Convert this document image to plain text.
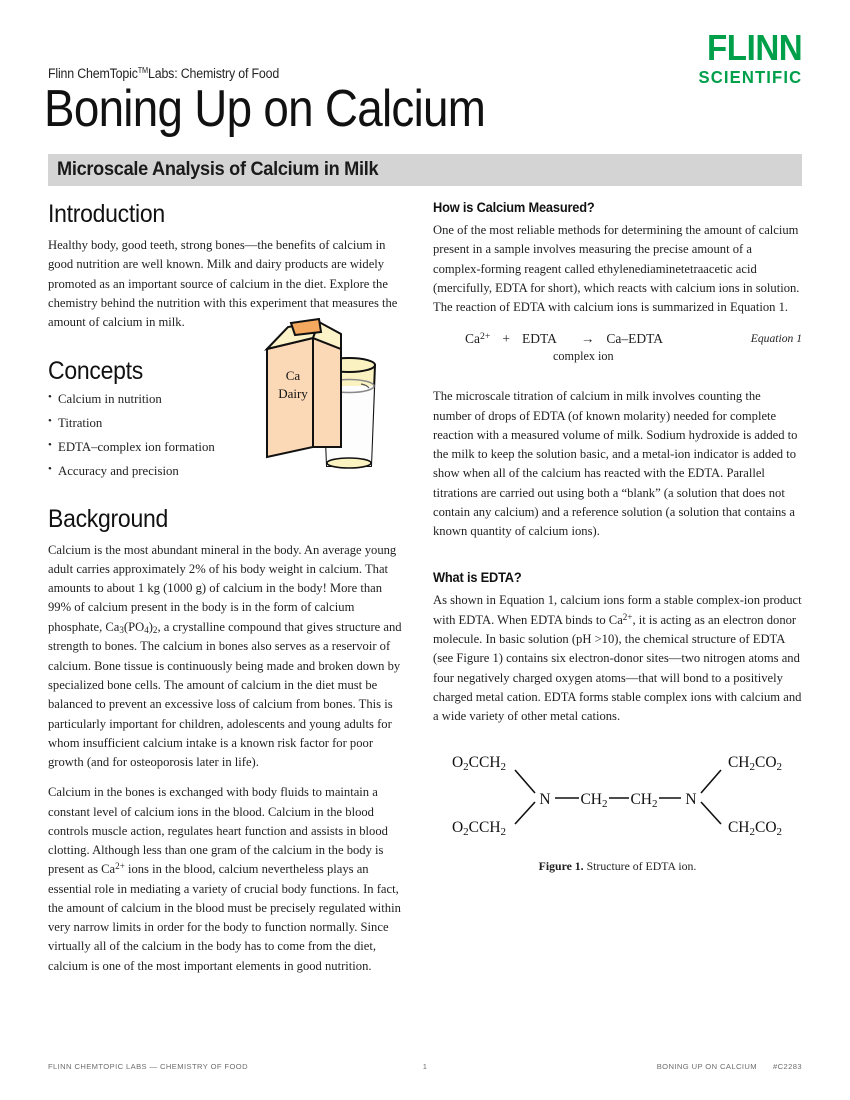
FLINN
SCIENTIFIC
Flinn ChemTopic™Labs: Chemistry of Food
Boning Up on Calcium
Microscale Analysis of Calcium in Milk
Introduction

Healthy body, good teeth, strong bones—the benefits of calcium in good nutrition are well known. Milk and dairy products are widely promoted as an important source of calcium in the diet. Explore the chemistry behind the nutrition with this experiment that measures the amount of calcium in milk.

Concepts
• Calcium in nutrition
• Titration
• EDTA–complex ion formation
• Accuracy and precision
Background

Calcium is the most abundant mineral in the body. An average young adult carries approximately 2% of his body weight in calcium. That amounts to about 1 kg (1000 g) of calcium in the body! More than 99% of calcium present in the body is in the form of calcium phosphate, $Ca_3(PO_4)_2$, a crystalline compound that gives structure and strength to bones. The calcium in bones also serves as a reservoir of calcium. Bone tissue is continuously being made and broken down by specialized bone cells. The amount of calcium in the diet must be balanced to prevent an excessive loss of calcium from bones. This is particularly important for children, adolescents and young adults for whom insufficient calcium intake is a known risk factor for poor growth (and for osteoporosis later in life).

Calcium in the bones is exchanged with body fluids to maintain a constant level of calcium ions in the blood. Calcium in the blood controls muscle action, regulates heart function and assists in blood clotting. Although less than one gram of the calcium in the body is present as $Ca^{2+}$ ions in the blood, calcium nevertheless plays an essential role in mediating a variety of crucial body functions. In fact, the amount of calcium in the blood must be precisely regulated within very narrow limits in order for the body to function normally. Since virtually all of the calcium in the body has to come from the diet, calcium is one of the most important elements in good nutrition.

Ca
Dairy
How is Calcium Measured?

One of the most reliable methods for determining the amount of calcium present in a sample involves measuring the precise amount of a complex-forming reagent called ethylenediaminetetraacetic acid (mercifully, EDTA for short), which reacts with calcium ions in solution. The reaction of EDTA with calcium ions is summarized in Equation 1.

$Ca^{2+}$ + EDTA → Ca–EDTA
complex ion
Equation 1

The microscale titration of calcium in milk involves counting the number of drops of EDTA (of known molarity) needed for complete reaction with a measured volume of milk. Sodium hydroxide is added to the milk to keep the solution basic, and a metal-ion indicator is added to show when all of the calcium has reacted with the EDTA. Parallel titrations are carried out using both a “blank” (a solution that does not contain any calcium) and a reference solution (a solution that contains a known quantity of calcium ions).

What is EDTA?

As shown in Equation 1, calcium ions form a stable complex-ion product with EDTA. When EDTA binds to $Ca^{2+}$, it is acting as an electron donor molecule. In basic solution (pH >10), the chemical structure of EDTA (see Figure 1) contains six electron-donor sites—two nitrogen atoms and four negatively charged oxygen atoms—that will bond to a positively charged metal cation. EDTA forms stable complex ions with calcium and a wide variety of other metal cations.

O2CCH2
O2CCH2
N CH2 CH2 N
CH2CO2
CH2CO2
Figure 1. Structure of EDTA ion.
FLINN CHEMTOPIC LABS — CHEMISTRY OF FOOD	1	BONING UP ON CALCIUM #C2283
